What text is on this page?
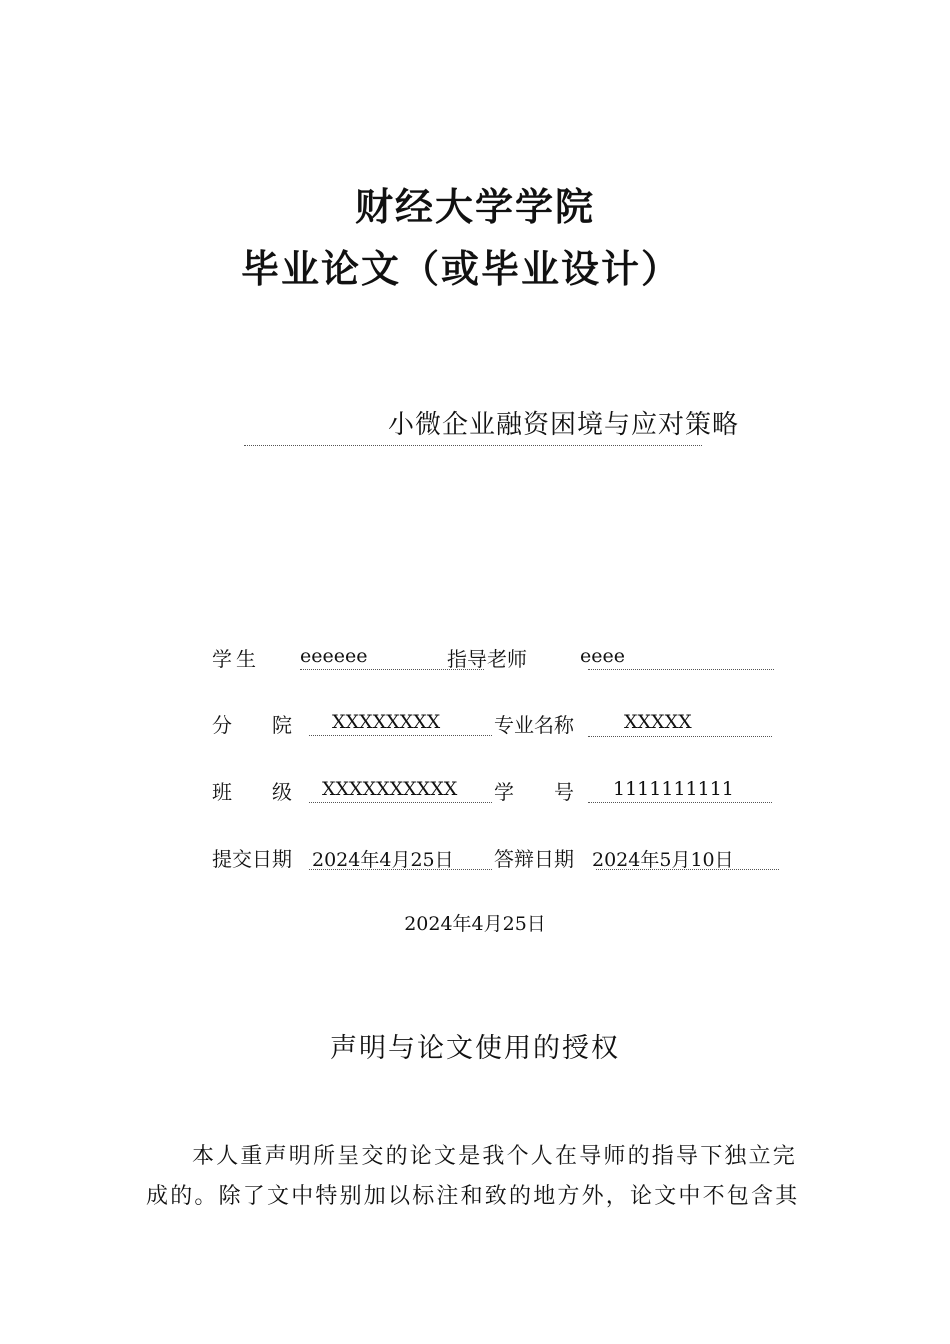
财经大学学院
毕业论文（或毕业设计）
小微企业融资困境与应对策略
学生 eeeeee	指导老师	eeee
分　　院 XXXXXXXX	专业名称	XXXXX
班　　级 XXXXXXXXXX 学　　号 1111111111
提交日期 2024年4月25日 答辩日期 2024年5月10日
2024年4月25日
声明与论文使用的授权
本人重声明所呈交的论文是我个人在导师的指导下独立完
成的。除了文中特别加以标注和致的地方外，论文中不包含其
